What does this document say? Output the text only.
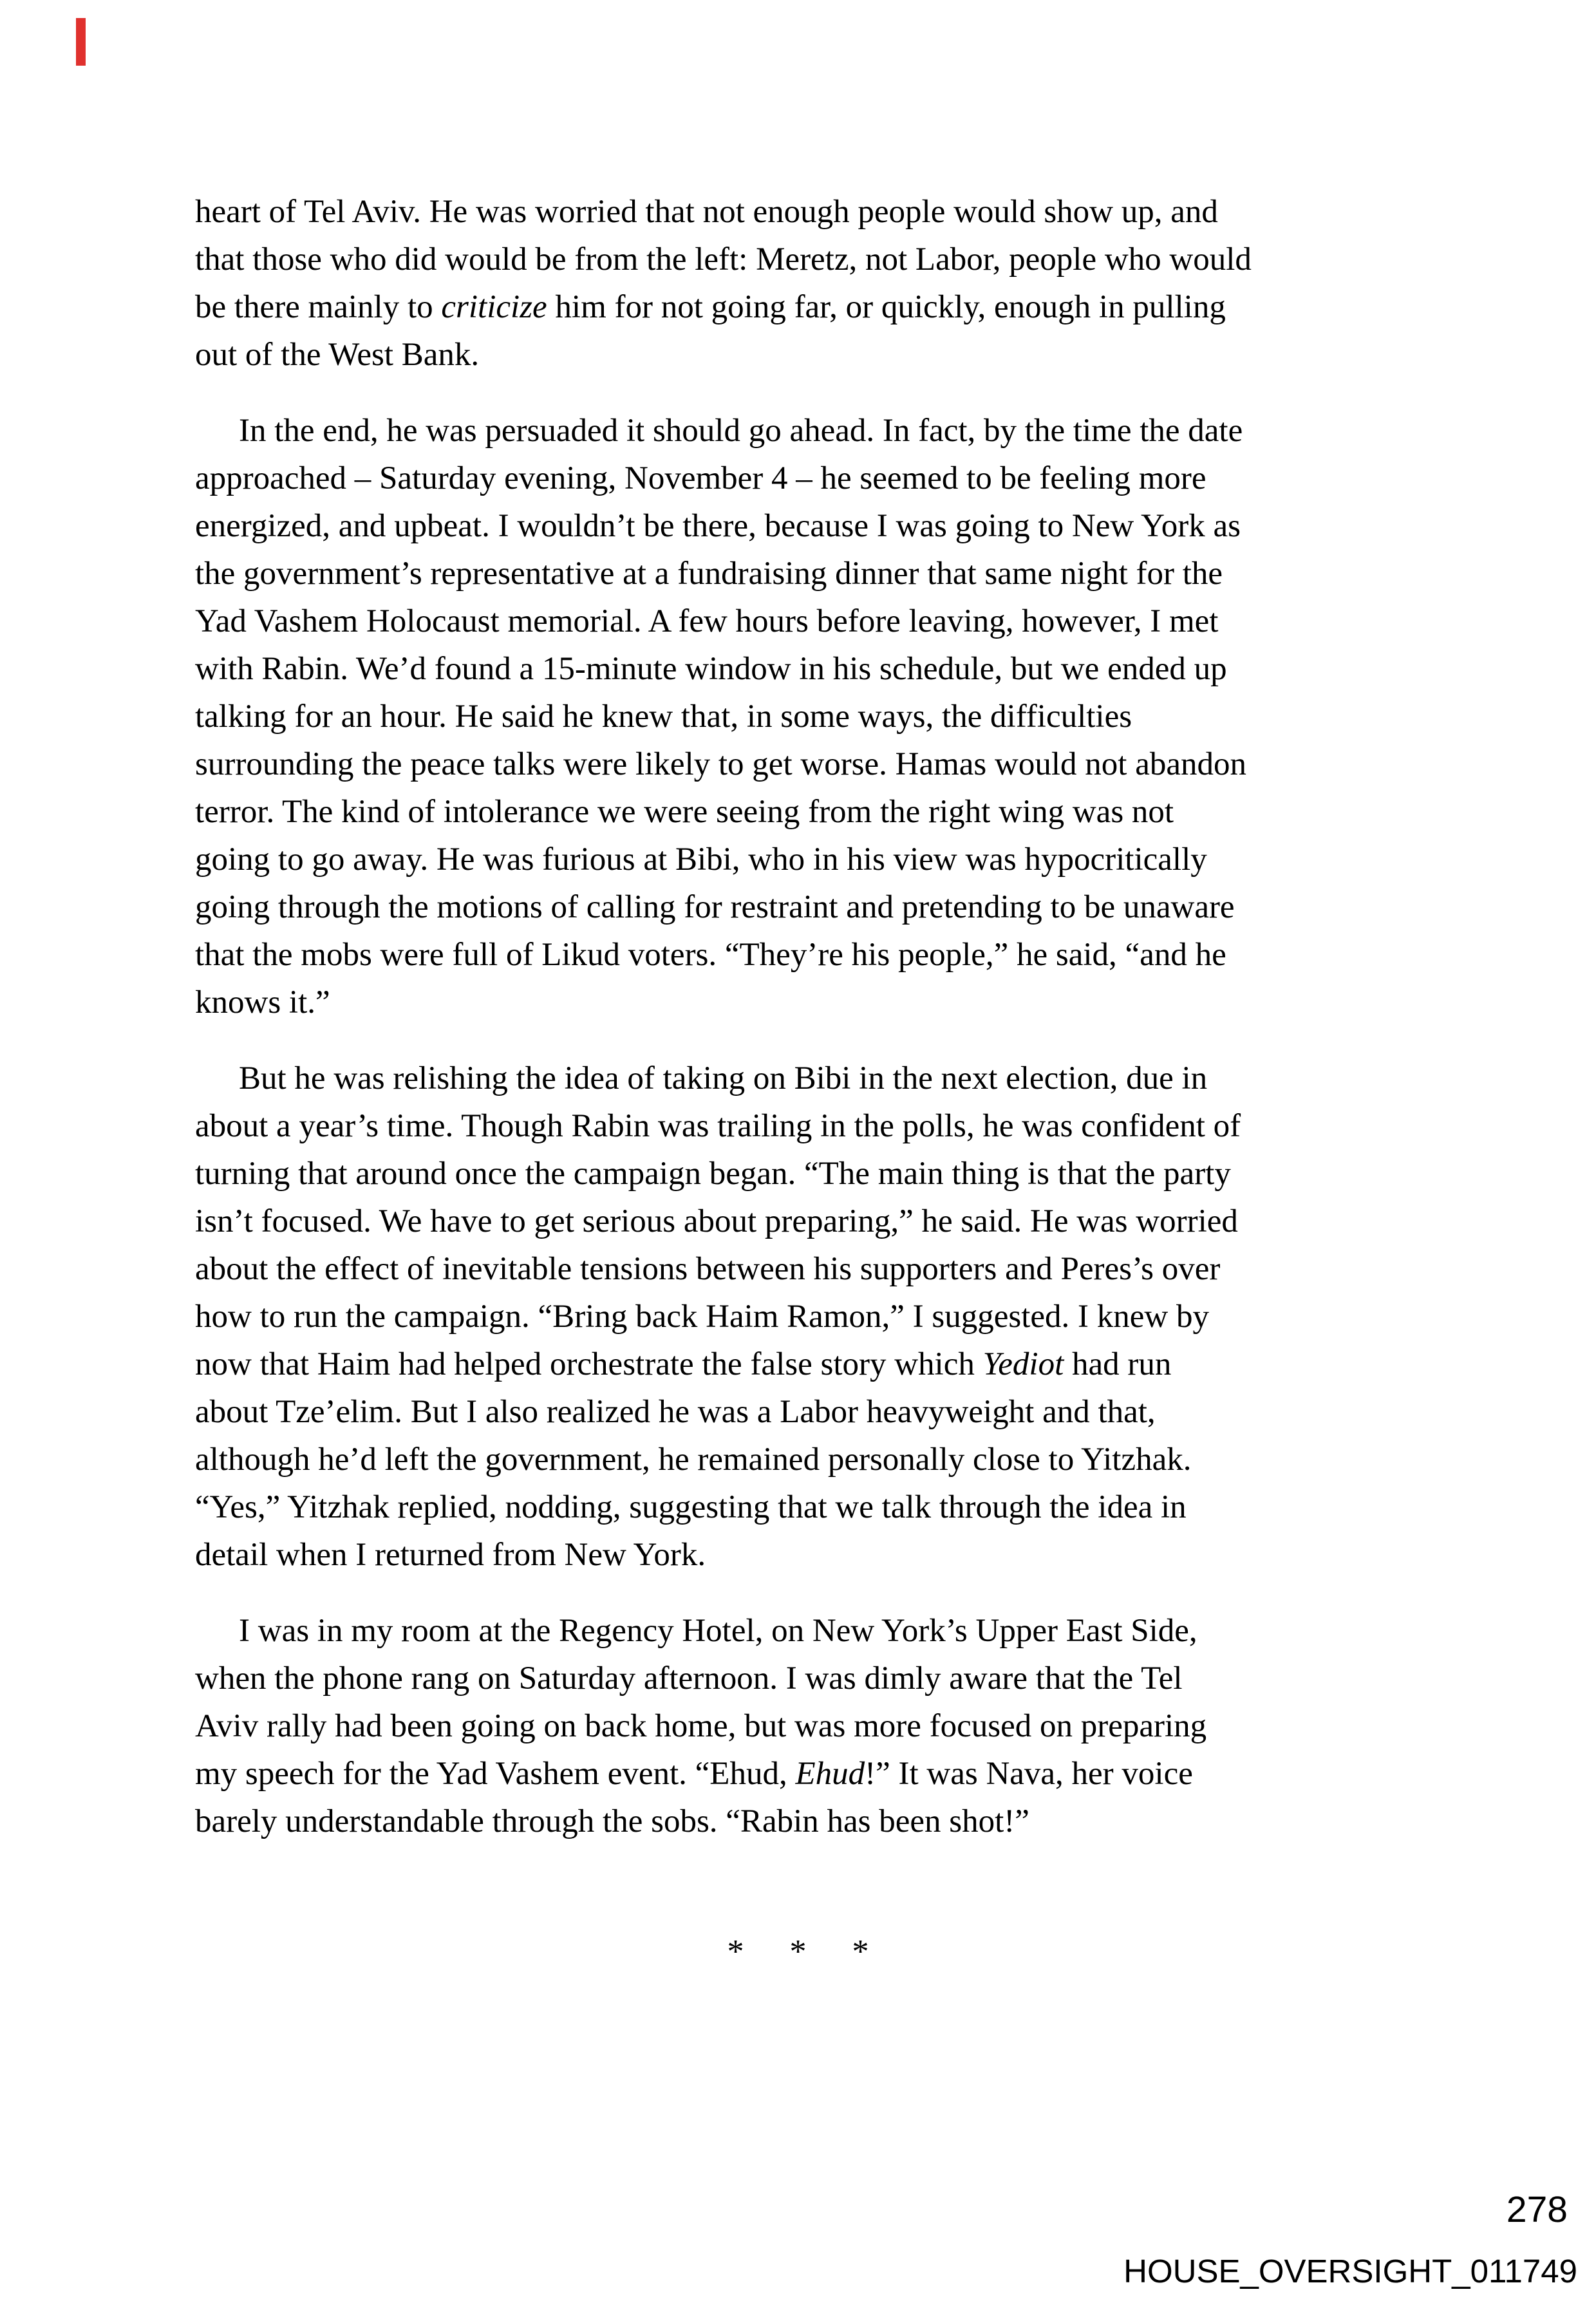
heart of Tel Aviv. He was worried that not enough people would show up, and
that those who did would be from the left: Meretz, not Labor, people who would
be there mainly to criticize him for not going far, or quickly, enough in pulling
out of the West Bank.
In the end, he was persuaded it should go ahead. In fact, by the time the date
approached – Saturday evening, November 4 – he seemed to be feeling more
energized, and upbeat. I wouldn’t be there, because I was going to New York as
the government’s representative at a fundraising dinner that same night for the
Yad Vashem Holocaust memorial. A few hours before leaving, however, I met
with Rabin. We’d found a 15-minute window in his schedule, but we ended up
talking for an hour. He said he knew that, in some ways, the difficulties
surrounding the peace talks were likely to get worse. Hamas would not abandon
terror. The kind of intolerance we were seeing from the right wing was not
going to go away. He was furious at Bibi, who in his view was hypocritically
going through the motions of calling for restraint and pretending to be unaware
that the mobs were full of Likud voters. “They’re his people,” he said, “and he
knows it.”
But he was relishing the idea of taking on Bibi in the next election, due in
about a year’s time. Though Rabin was trailing in the polls, he was confident of
turning that around once the campaign began. “The main thing is that the party
isn’t focused. We have to get serious about preparing,” he said. He was worried
about the effect of inevitable tensions between his supporters and Peres’s over
how to run the campaign. “Bring back Haim Ramon,” I suggested. I knew by
now that Haim had helped orchestrate the false story which Yediot had run
about Tze’elim. But I also realized he was a Labor heavyweight and that,
although he’d left the government, he remained personally close to Yitzhak.
“Yes,” Yitzhak replied, nodding, suggesting that we talk through the idea in
detail when I returned from New York.
I was in my room at the Regency Hotel, on New York’s Upper East Side,
when the phone rang on Saturday afternoon. I was dimly aware that the Tel
Aviv rally had been going on back home, but was more focused on preparing
my speech for the Yad Vashem event. “Ehud, Ehud!” It was Nava, her voice
barely understandable through the sobs. “Rabin has been shot!”
* * *
278
HOUSE_OVERSIGHT_011749
